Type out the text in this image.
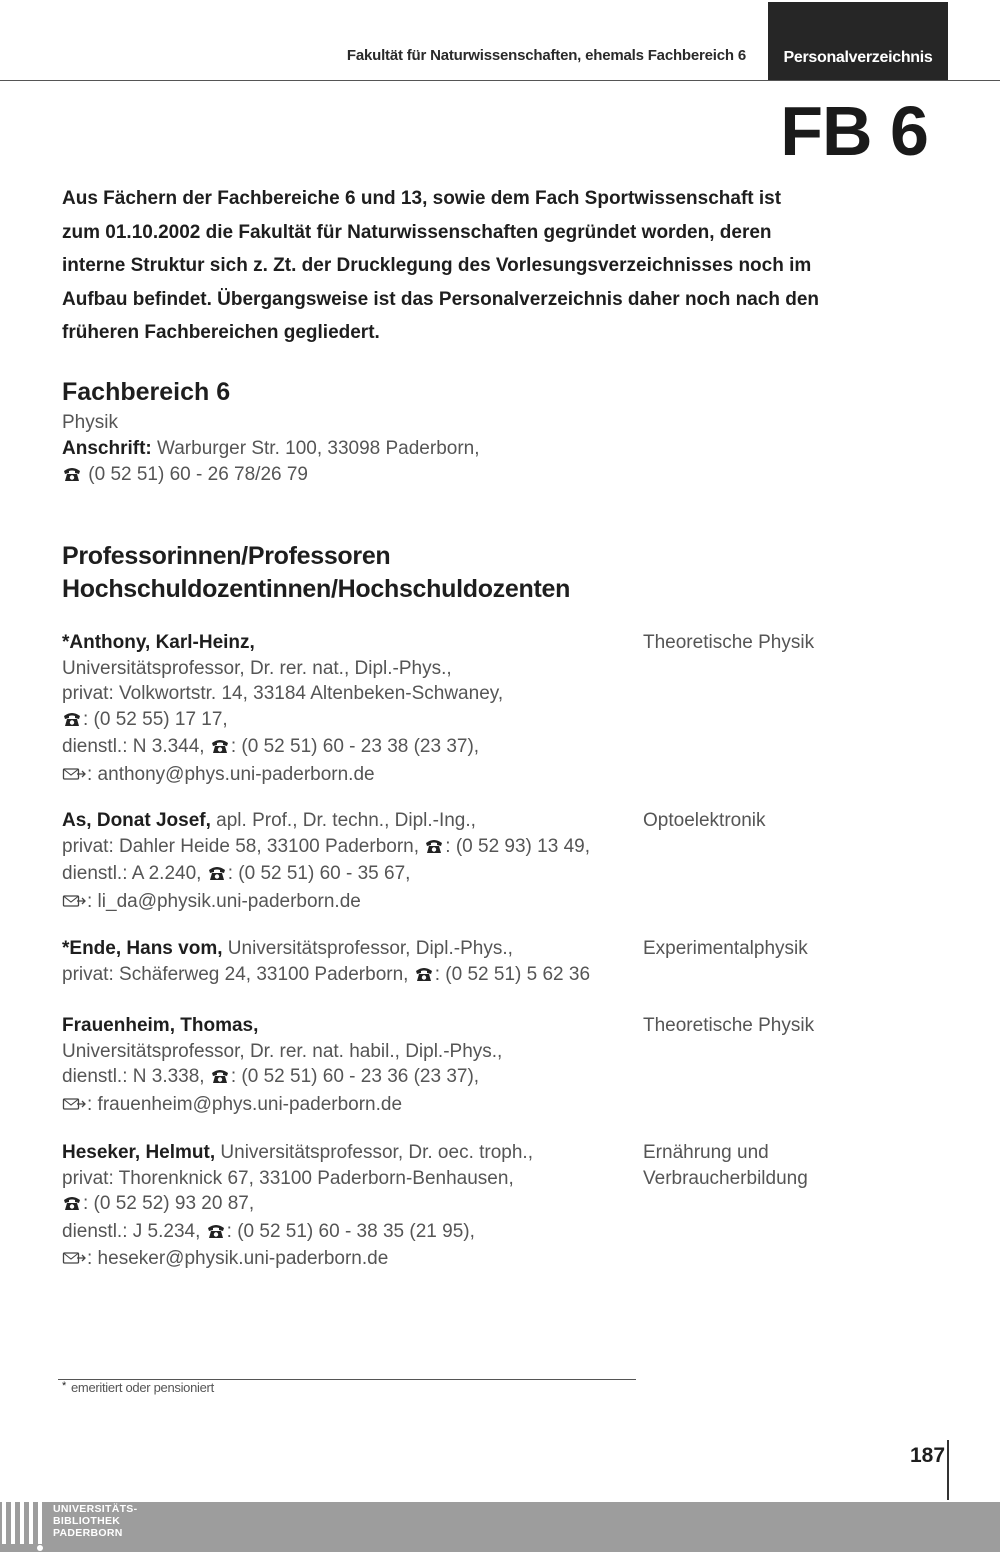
Fakultät für Naturwissenschaften, ehemals Fachbereich 6 Personalverzeichnis
FB 6
Aus Fächern der Fachbereiche 6 und 13, sowie dem Fach Sportwissenschaft ist zum 01.10.2002 die Fakultät für Naturwissenschaften gegründet worden, deren interne Struktur sich z. Zt. der Drucklegung des Vorlesungsverzeichnisses noch im Aufbau befindet. Übergangsweise ist das Personalverzeichnis daher noch nach den früheren Fachbereichen gegliedert.
Fachbereich 6
Physik
Anschrift: Warburger Str. 100, 33098 Paderborn,
(0 52 51) 60 - 26 78/26 79
Professorinnen/Professoren
Hochschuldozentinnen/Hochschuldozenten
*Anthony, Karl-Heinz,
Universitätsprofessor, Dr. rer. nat., Dipl.-Phys.,
privat: Volkwortstr. 14, 33184 Altenbeken-Schwaney,
: (0 52 55) 17 17,
dienstl.: N 3.344, : (0 52 51) 60 - 23 38 (23 37),
: anthony@phys.uni-paderborn.de
Theoretische Physik
As, Donat Josef, apl. Prof., Dr. techn., Dipl.-Ing.,
privat: Dahler Heide 58, 33100 Paderborn, : (0 52 93) 13 49,
dienstl.: A 2.240, : (0 52 51) 60 - 35 67,
: li_da@physik.uni-paderborn.de
Optoelektronik
*Ende, Hans vom, Universitätsprofessor, Dipl.-Phys.,
privat: Schäferweg 24, 33100 Paderborn, : (0 52 51) 5 62 36
Experimentalphysik
Frauenheim, Thomas,
Universitätsprofessor, Dr. rer. nat. habil., Dipl.-Phys.,
dienstl.: N 3.338, : (0 52 51) 60 - 23 36 (23 37),
: frauenheim@phys.uni-paderborn.de
Theoretische Physik
Heseker, Helmut, Universitätsprofessor, Dr. oec. troph.,
privat: Thorenknick 67, 33100 Paderborn-Benhausen,
: (0 52 52) 93 20 87,
dienstl.: J 5.234, : (0 52 51) 60 - 38 35 (21 95),
: heseker@physik.uni-paderborn.de
Ernährung und
Verbraucherbildung
* emeritiert oder pensioniert
187
UNIVERSITÄTS-
BIBLIOTHEK
PADERBORN
